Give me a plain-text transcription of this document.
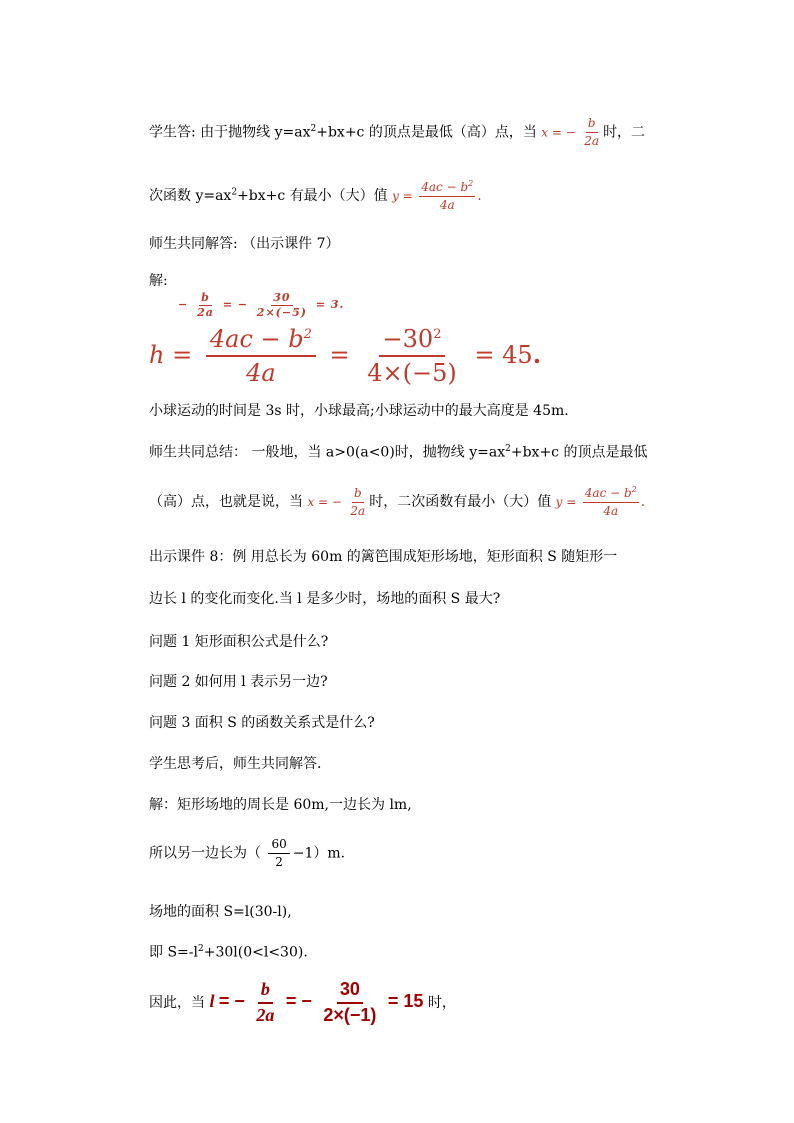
学生答: 由于抛物线 $y=ax^2+bx+c$ 的顶点是最低（高）点，当 x = − $\frac{b}{2a}$ 时，二
次函数 $y=ax^2+bx+c$ 有最小（大）值 $y = \frac{4ac - b^2}{4a}$ .
师生共同解答: （出示课件 7）
解:
− $\frac{b}{2a}$ = − $\frac{30}{2\times(-5)} = 3$.
$h = \frac{4ac - b^2}{4a} = \frac{-30^2}{4\times(-5)} = 45$.
小球运动的时间是 3s 时，小球最高;小球运动中的最大高度是 45m.
师生共同总结： 一般地，当 a>0(a<0)时，抛物线 $y=ax^2+bx+c$ 的顶点是最低
（高）点，也就是说，当 x = − $\frac{b}{2a}$ 时，二次函数有最小（大）值 $y = \frac{4ac - b^2}{4a}$ .
出示课件 8：例 用总长为 60m 的篱笆围成矩形场地，矩形面积 S 随矩形一
边长 l 的变化而变化.当 l 是多少时，场地的面积 S 最大?
问题 1 矩形面积公式是什么?
问题 2 如何用 l 表示另一边?
问题 3 面积 S 的函数关系式是什么?
学生思考后，师生共同解答.
解：矩形场地的周长是 60m,一边长为 lm,
所以另一边长为（ $\frac{60}{2} -1)m$.
场地的面积 S=l(30-l),
即 $S=-l^2+30l(0<l<30)$.
因此，当 l = − $\frac{b}{2a}$ = − $\frac{30}{2\times(-1)} = 15$ 时，
